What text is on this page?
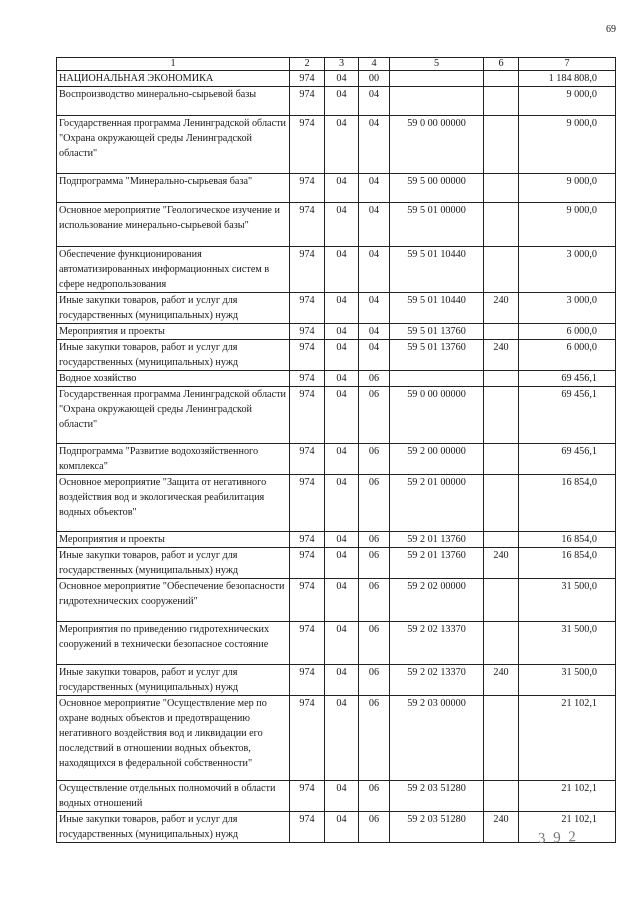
69
1	2	3	4	5	6	7
НАЦИОНАЛЬНАЯ ЭКОНОМИКА	974	04	00			1 184 808,0
Воспроизводство минерально-сырьевой базы	974	04	04			9 000,0
Государственная программа Ленинградской области "Охрана окружающей среды Ленинградской области"	974	04	04	59 0 00 00000		9 000,0
Подпрограмма "Минерально-сырьевая база"	974	04	04	59 5 00 00000		9 000,0
Основное мероприятие "Геологическое изучение и использование минерально-сырьевой базы"	974	04	04	59 5 01 00000		9 000,0
Обеспечение функционирования автоматизированных информационных систем в сфере недропользования	974	04	04	59 5 01 10440		3 000,0
Иные закупки товаров, работ и услуг для государственных (муниципальных) нужд	974	04	04	59 5 01 10440	240	3 000,0
Мероприятия и проекты	974	04	04	59 5 01 13760		6 000,0
Иные закупки товаров, работ и услуг для государственных (муниципальных) нужд	974	04	04	59 5 01 13760	240	6 000,0
Водное хозяйство	974	04	06			69 456,1
Государственная программа Ленинградской области "Охрана окружающей среды Ленинградской области"	974	04	06	59 0 00 00000		69 456,1
Подпрограмма "Развитие водохозяйственного комплекса"	974	04	06	59 2 00 00000		69 456,1
Основное мероприятие "Защита от негативного воздействия вод и экологическая реабилитация водных объектов"	974	04	06	59 2 01 00000		16 854,0
Мероприятия и проекты	974	04	06	59 2 01 13760		16 854,0
Иные закупки товаров, работ и услуг для государственных (муниципальных) нужд	974	04	06	59 2 01 13760	240	16 854,0
Основное мероприятие "Обеспечение безопасности гидротехнических сооружений"	974	04	06	59 2 02 00000		31 500,0
Мероприятия по приведению гидротехнических сооружений в технически безопасное состояние	974	04	06	59 2 02 13370		31 500,0
Иные закупки товаров, работ и услуг для государственных (муниципальных) нужд	974	04	06	59 2 02 13370	240	31 500,0
Основное мероприятие "Осуществление мер по охране водных объектов и предотвращению негативного воздействия вод и ликвидации его последствий в отношении водных объектов, находящихся в федеральной собственности"	974	04	06	59 2 03 00000		21 102,1
Осуществление отдельных полномочий в области водных отношений	974	04	06	59 2 03 51280		21 102,1
Иные закупки товаров, работ и услуг для государственных (муниципальных) нужд	974	04	06	59 2 03 51280	240	21 102,1
3 9 2
